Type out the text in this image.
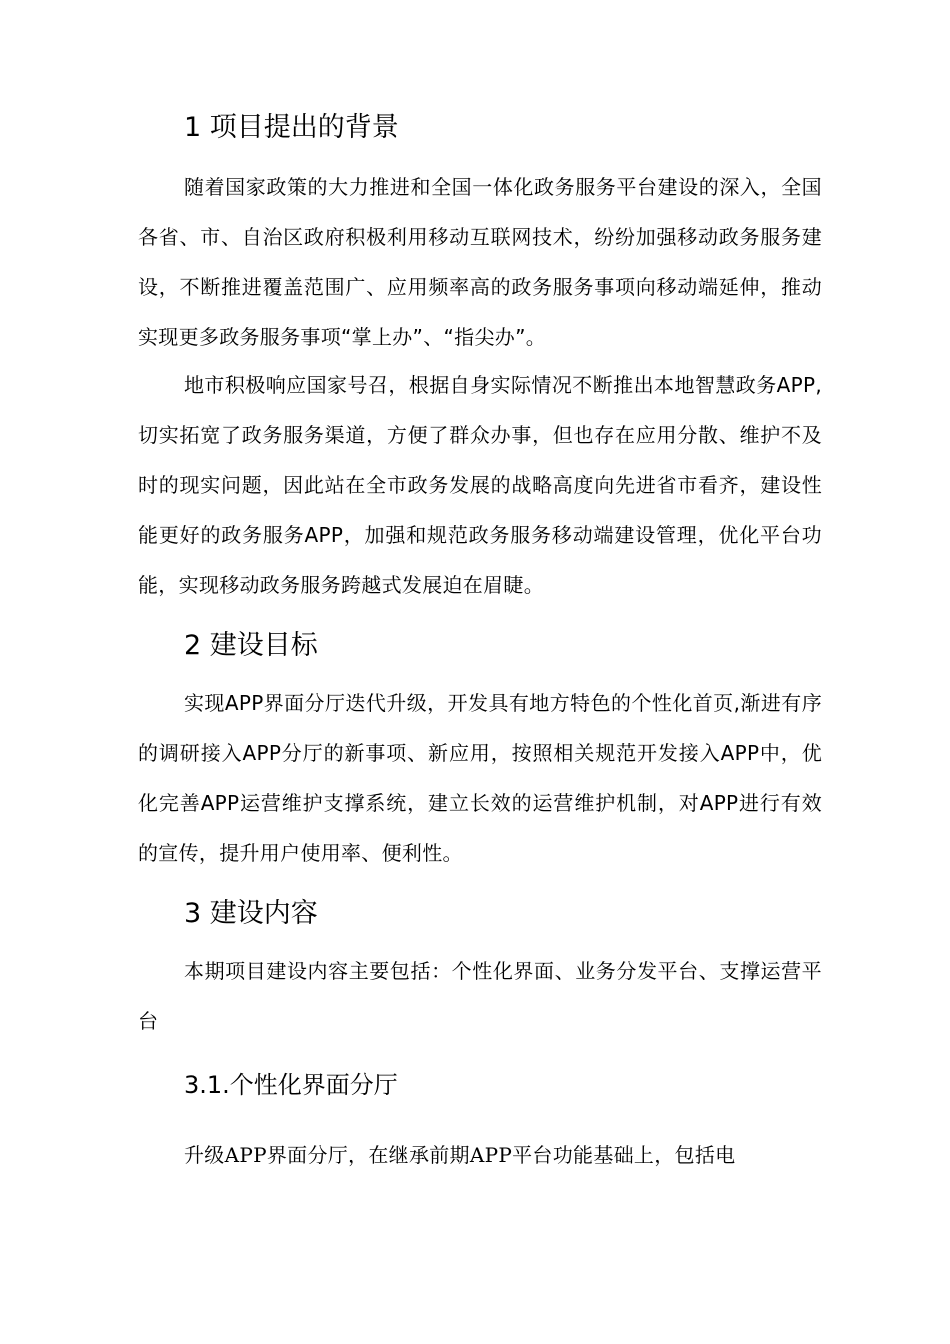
1 项目提出的背景

随着国家政策的大力推进和全国一体化政务服务平台建设的深入，全国各省、市、自治区政府积极利用移动互联网技术，纷纷加强移动政务服务建设，不断推进覆盖范围广、应用频率高的政务服务事项向移动端延伸，推动实现更多政务服务事项“掌上办”、“指尖办”。

地市积极响应国家号召，根据自身实际情况不断推出本地智慧政务APP,切实拓宽了政务服务渠道，方便了群众办事，但也存在应用分散、维护不及时的现实问题，因此站在全市政务发展的战略高度向先进省市看齐，建设性能更好的政务服务APP，加强和规范政务服务移动端建设管理，优化平台功能，实现移动政务服务跨越式发展迫在眉睫。

2 建设目标

实现APP界面分厅迭代升级，开发具有地方特色的个性化首页,渐进有序的调研接入APP分厅的新事项、新应用，按照相关规范开发接入APP中，优化完善APP运营维护支撑系统，建立长效的运营维护机制，对APP进行有效的宣传，提升用户使用率、便利性。

3 建设内容

本期项目建设内容主要包括：个性化界面、业务分发平台、支撑运营平台

3.1.个性化界面分厅

升级APP界面分厅，在继承前期APP平台功能基础上，包括电
